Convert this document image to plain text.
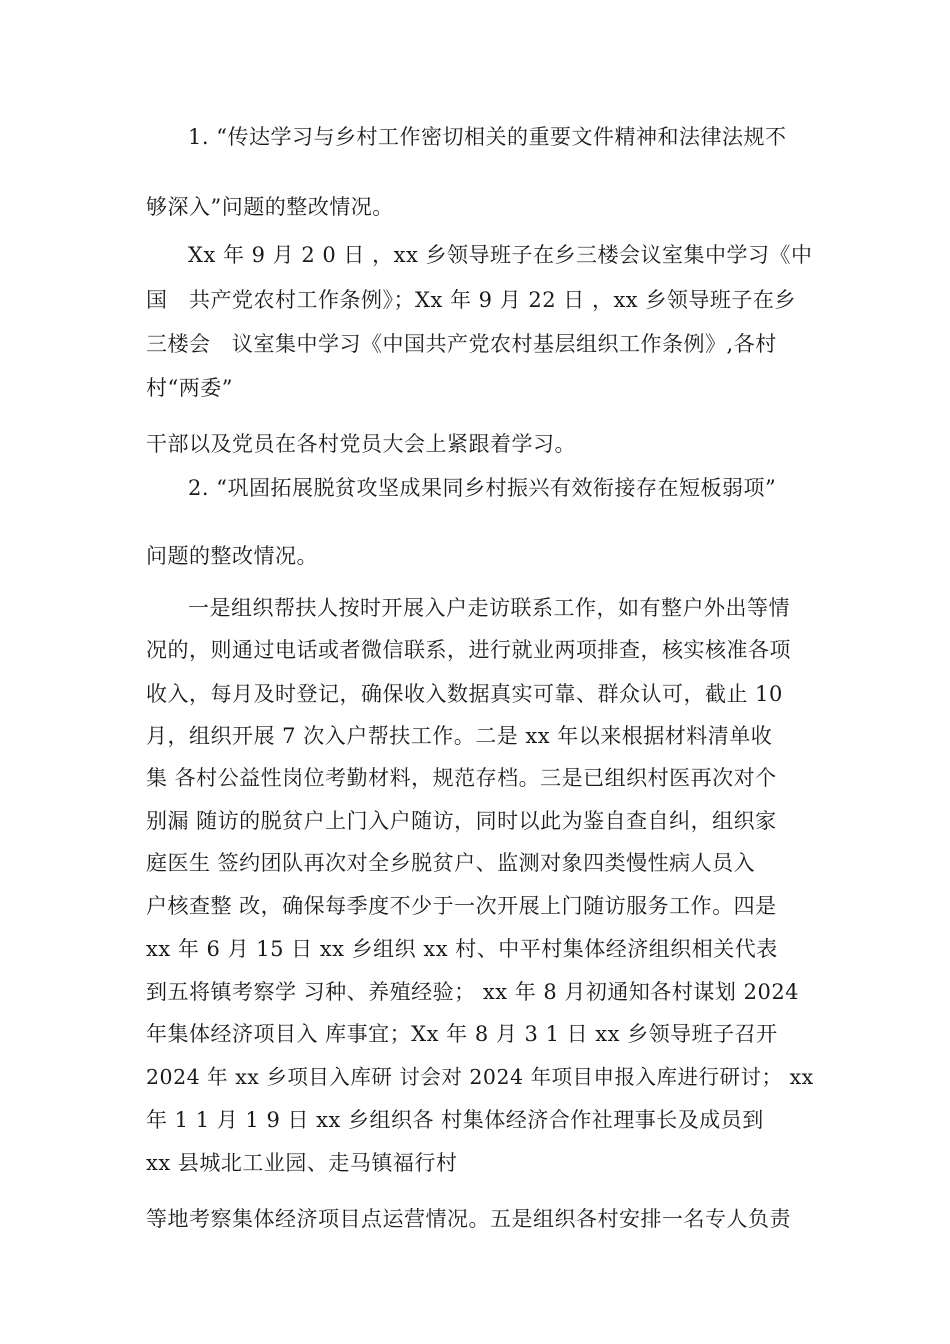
1. “传达学习与乡村工作密切相关的重要文件精神和法律法规不
够深入”问题的整改情况。
Xx 年 9 月 2 0 日 ，xx 乡领导班子在乡三楼会议室集中学习《中
国   共产党农村工作条例》；Xx 年 9 月 22 日 ，xx 乡领导班子在乡
三楼会   议室集中学习《中国共产党农村基层组织工作条例》,各村
村“两委”
干部以及党员在各村党员大会上紧跟着学习。
2. “巩固拓展脱贫攻坚成果同乡村振兴有效衔接存在短板弱项”
问题的整改情况。
一是组织帮扶人按时开展入户走访联系工作，如有整户外出等情
况的，则通过电话或者微信联系，进行就业两项排查，核实核准各项
收入，每月及时登记，确保收入数据真实可靠、群众认可，截止 10
月，组织开展 7 次入户帮扶工作。二是 xx 年以来根据材料清单收
集 各村公益性岗位考勤材料，规范存档。三是已组织村医再次对个
别漏 随访的脱贫户上门入户随访，同时以此为鉴自查自纠，组织家
庭医生 签约团队再次对全乡脱贫户、监测对象四类慢性病人员入
户核查整 改，确保每季度不少于一次开展上门随访服务工作。四是
xx 年 6 月 15 日 xx 乡组织 xx 村、中平村集体经济组织相关代表
到五将镇考察学 习种、养殖经验； xx 年 8 月初通知各村谋划 2024
年集体经济项目入 库事宜；Xx 年 8 月 3 1 日 xx 乡领导班子召开
2024 年 xx 乡项目入库研 讨会对 2024 年项目申报入库进行研讨； xx
年 1 1 月 1 9 日 xx 乡组织各 村集体经济合作社理事长及成员到
xx 县城北工业园、走马镇福行村
等地考察集体经济项目点运营情况。五是组织各村安排一名专人负责
